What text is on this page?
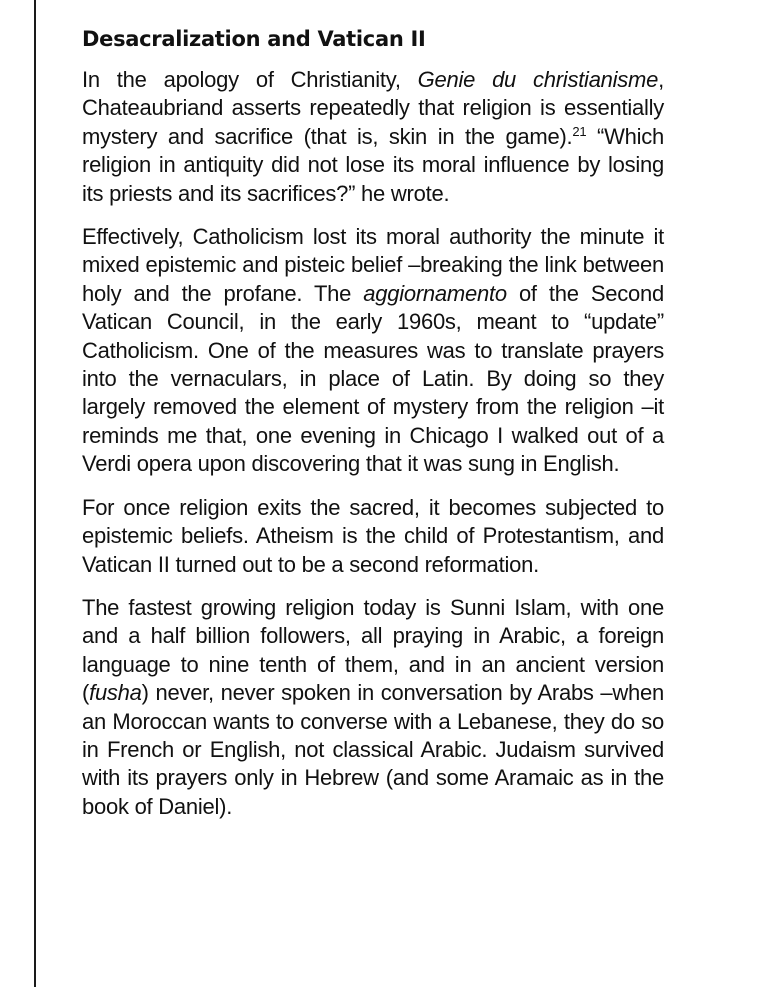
Desacralization and Vatican II

In the apology of Christianity, Genie du christianisme, Chateaubriand asserts repeatedly that religion is essentially mystery and sacrifice (that is, skin in the game).$^{21}$ “Which religion in antiquity did not lose its moral influence by losing its priests and its sacrifices?” he wrote.

Effectively, Catholicism lost its moral authority the minute it mixed epistemic and pisteic belief –breaking the link between holy and the profane. The aggiornamento of the Second Vatican Council, in the early 1960s, meant to “update” Catholicism. One of the measures was to translate prayers into the vernaculars, in place of Latin. By doing so they largely removed the element of mystery from the religion –it reminds me that, one evening in Chicago I walked out of a Verdi opera upon discovering that it was sung in English.

For once religion exits the sacred, it becomes subjected to epistemic beliefs. Atheism is the child of Protestantism, and Vatican II turned out to be a second reformation.

The fastest growing religion today is Sunni Islam, with one and a half billion followers, all praying in Arabic, a foreign language to nine tenth of them, and in an ancient version (fusha) never, never spoken in conversation by Arabs –when an Moroccan wants to converse with a Lebanese, they do so in French or English, not classical Arabic. Judaism survived with its prayers only in Hebrew (and some Aramaic as in the book of Daniel).
